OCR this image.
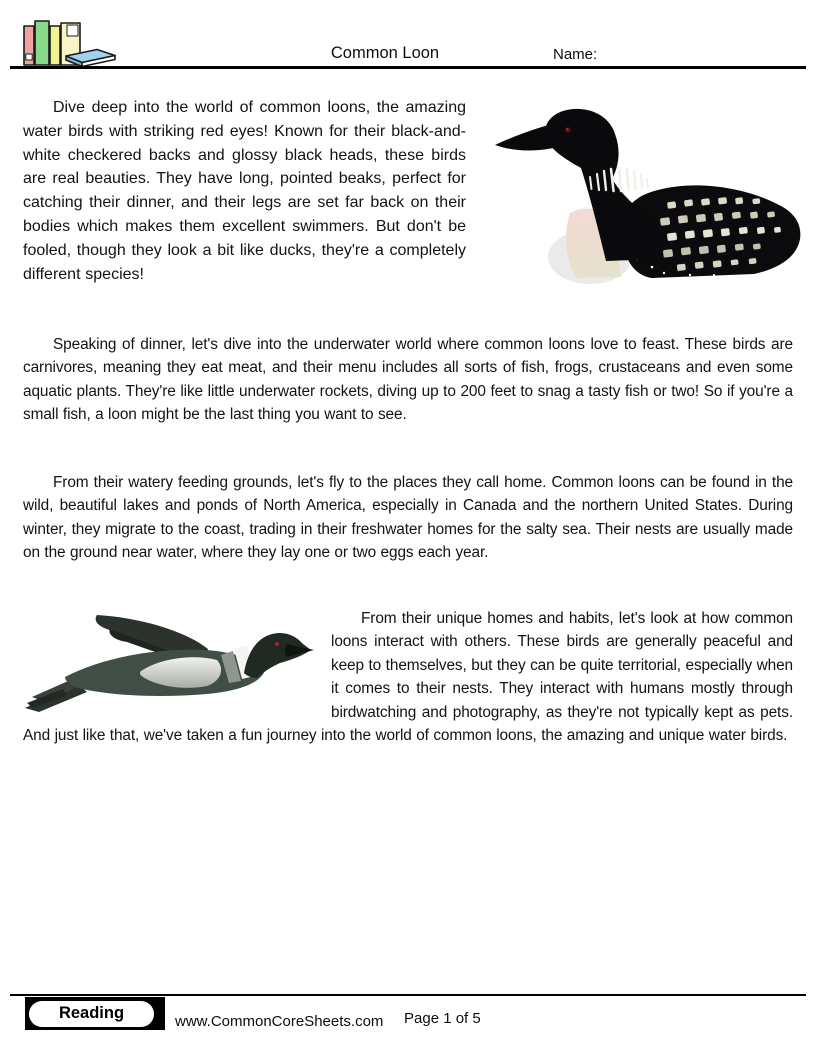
Common Loon	Name:

Dive deep into the world of common loons, the amazing water birds with striking red eyes! Known for their black-and-white checkered backs and glossy black heads, these birds are real beauties. They have long, pointed beaks, perfect for catching their dinner, and their legs are set far back on their bodies which makes them excellent swimmers. But don't be fooled, though they look a bit like ducks, they're a completely different species!

Speaking of dinner, let's dive into the underwater world where common loons love to feast. These birds are carnivores, meaning they eat meat, and their menu includes all sorts of fish, frogs, crustaceans and even some aquatic plants. They're like little underwater rockets, diving up to 200 feet to snag a tasty fish or two! So if you're a small fish, a loon might be the last thing you want to see.

From their watery feeding grounds, let's fly to the places they call home. Common loons can be found in the wild, beautiful lakes and ponds of North America, especially in Canada and the northern United States. During winter, they migrate to the coast, trading in their freshwater homes for the salty sea. Their nests are usually made on the ground near water, where they lay one or two eggs each year.

From their unique homes and habits, let's look at how common loons interact with others. These birds are generally peaceful and keep to themselves, but they can be quite territorial, especially when it comes to their nests. They interact with humans mostly through birdwatching and photography, as they're not typically kept as pets. And just like that, we've taken a fun journey into the world of common loons, the amazing and unique water birds.
Reading	www.CommonCoreSheets.com Page 1 of 5
